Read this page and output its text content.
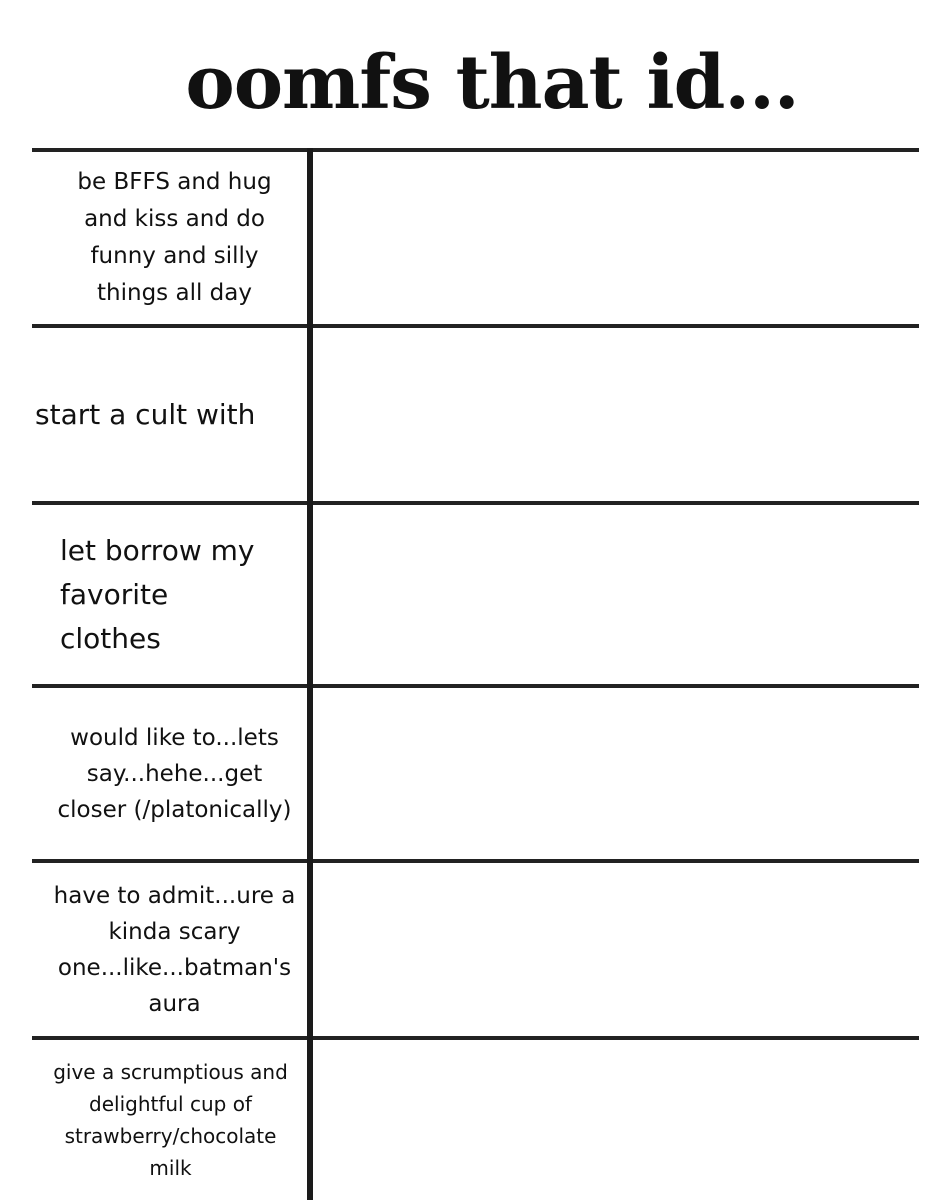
oomfs that id...
be BFFS and hug
and kiss and do
funny and silly
things all day
start a cult with
let borrow my
favorite
clothes
would like to...lets
say...hehe...get
closer (/platonically)
have to admit...ure a
kinda scary
one...like...batman's
aura
give a scrumptious and
delightful cup of
strawberry/chocolate
milk
